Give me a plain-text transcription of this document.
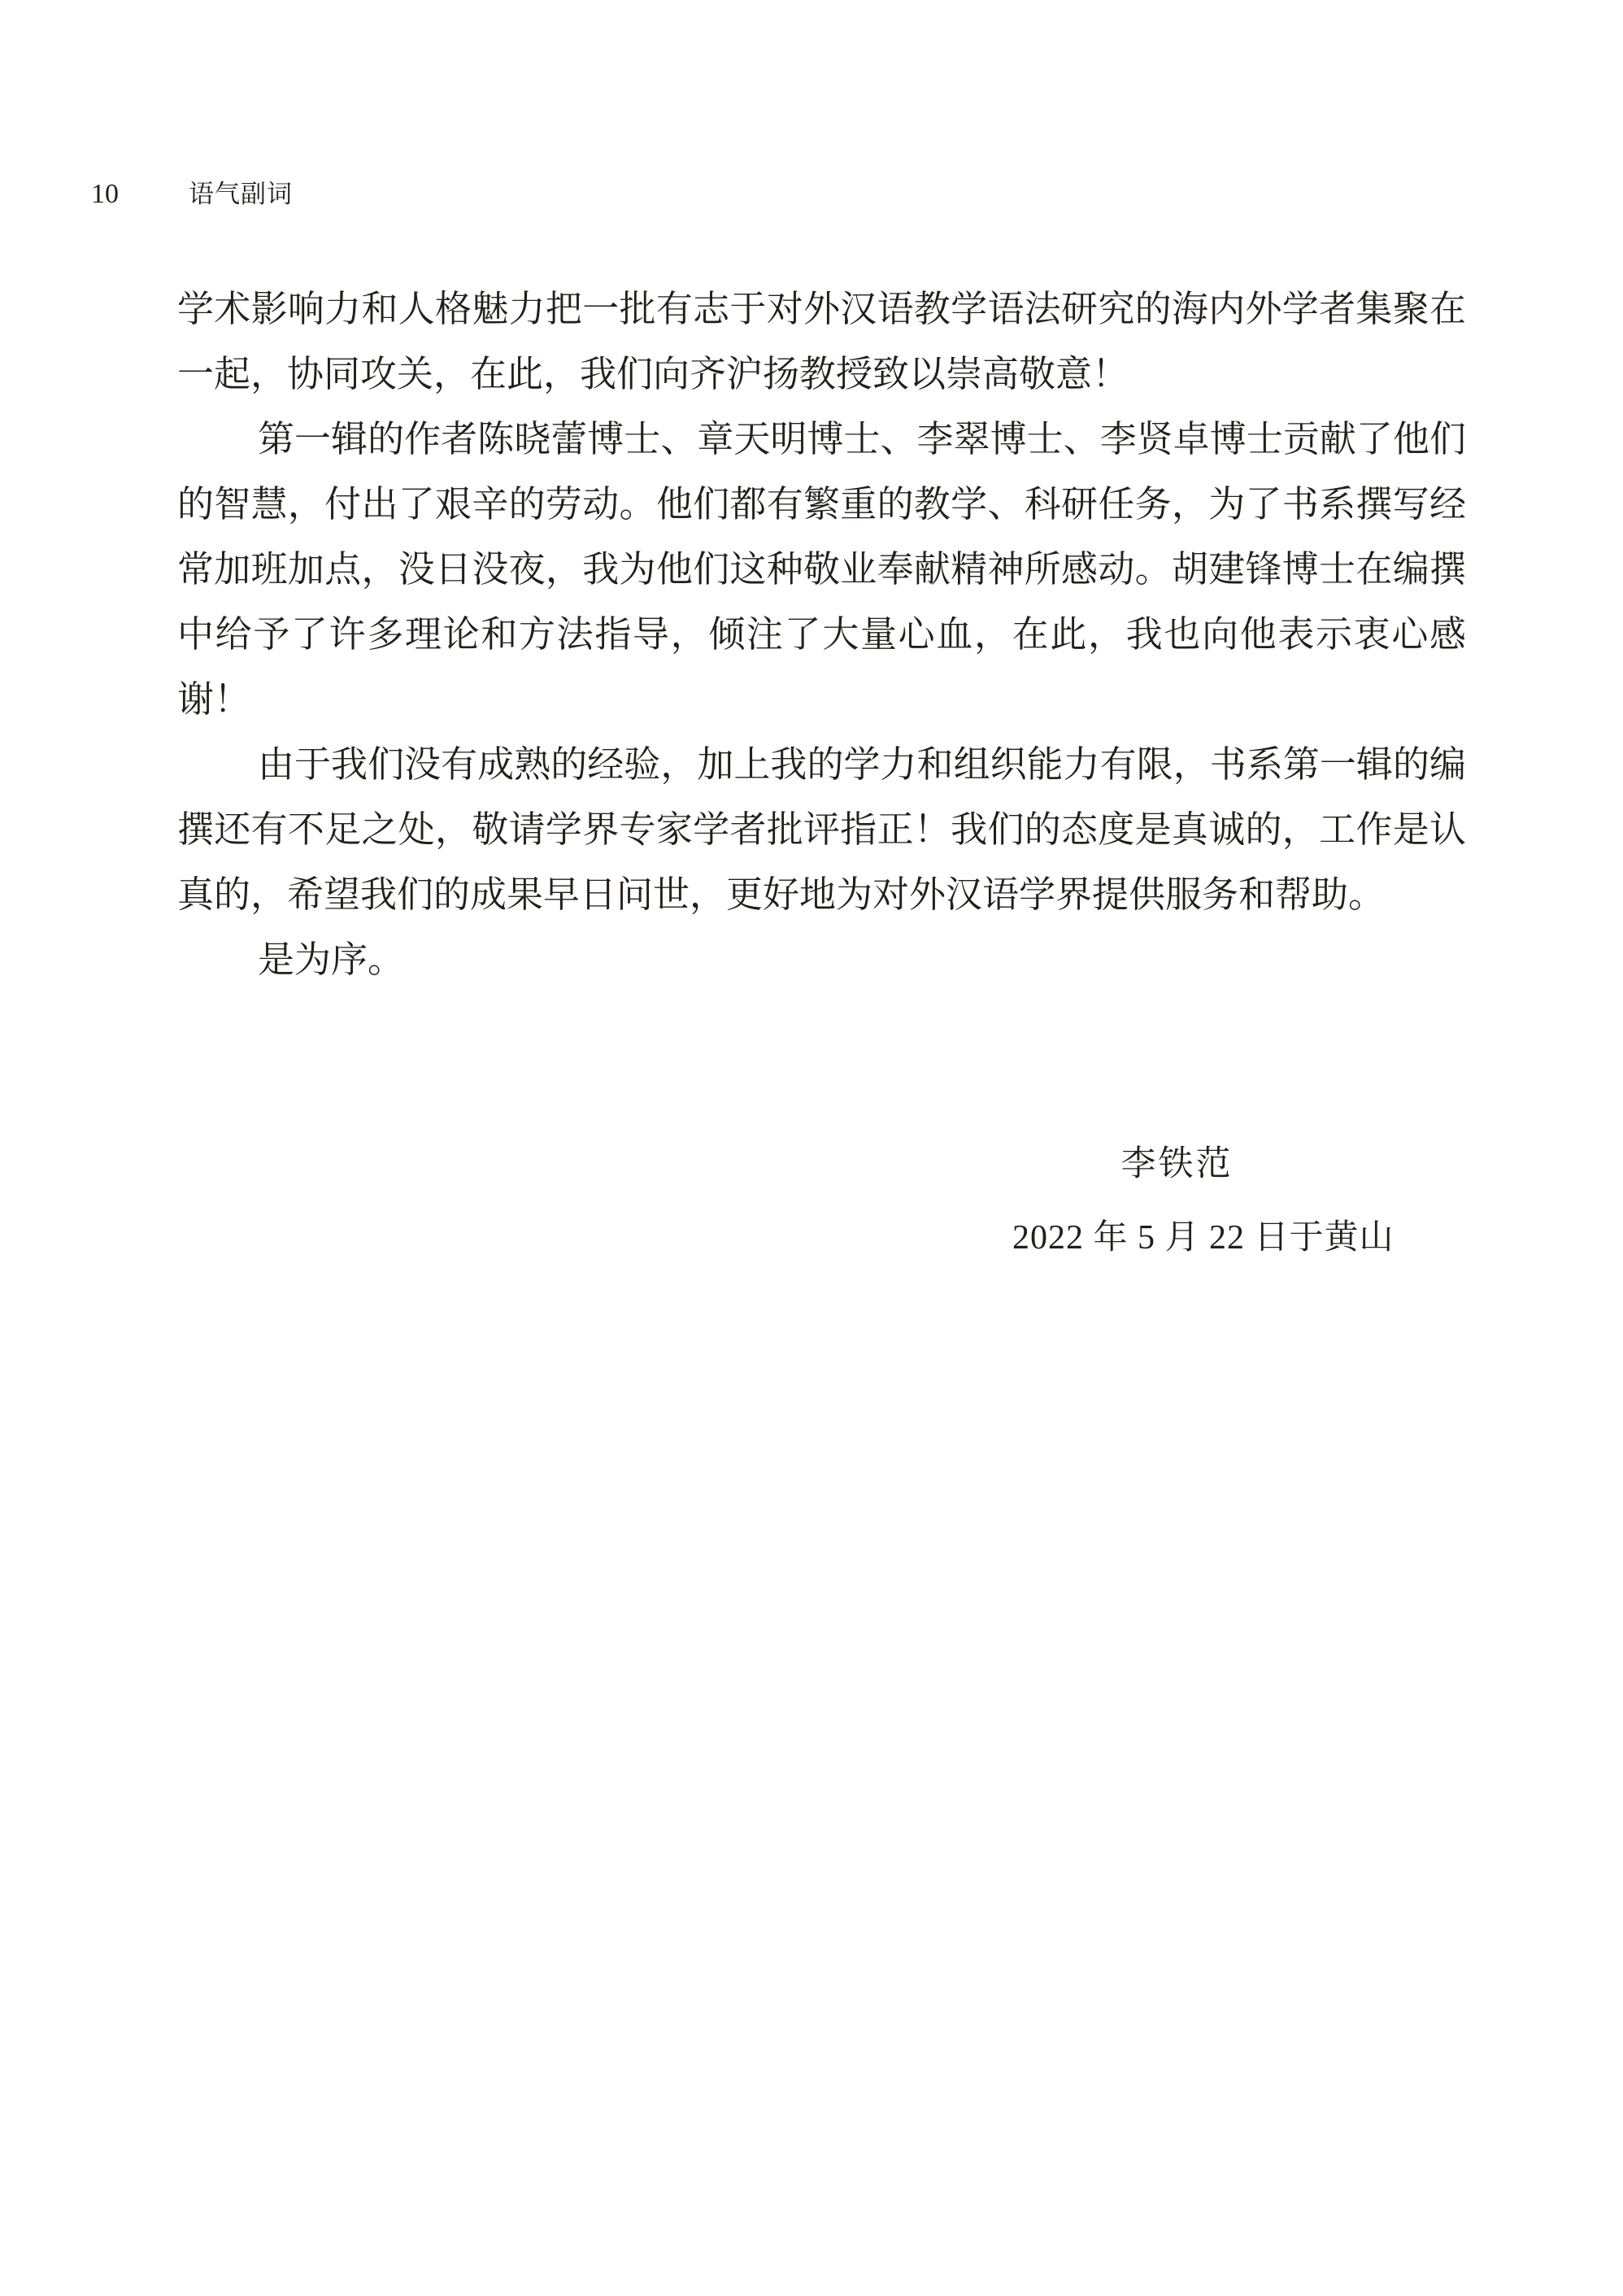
10	语气副词

学术影响力和人格魅力把一批有志于对外汉语教学语法研究的海内外学者集聚在一起，协同攻关，在此，我们向齐沪扬教授致以崇高敬意！

第一辑的作者陈晓蕾博士、章天明博士、李翠博士、李贤卓博士贡献了他们的智慧，付出了艰辛的劳动。他们都有繁重的教学、科研任务，为了书系撰写经常加班加点，没日没夜，我为他们这种敬业奉献精神所感动。胡建锋博士在编撰中给予了许多理论和方法指导，倾注了大量心血，在此，我也向他表示衷心感谢！

由于我们没有成熟的经验，加上我的学力和组织能力有限，书系第一辑的编撰还有不足之处，敬请学界专家学者批评指正！我们的态度是真诚的，工作是认真的，希望我们的成果早日问世，更好地为对外汉语学界提供服务和帮助。

是为序。

李铁范
2022 年 5 月 22 日于黄山
